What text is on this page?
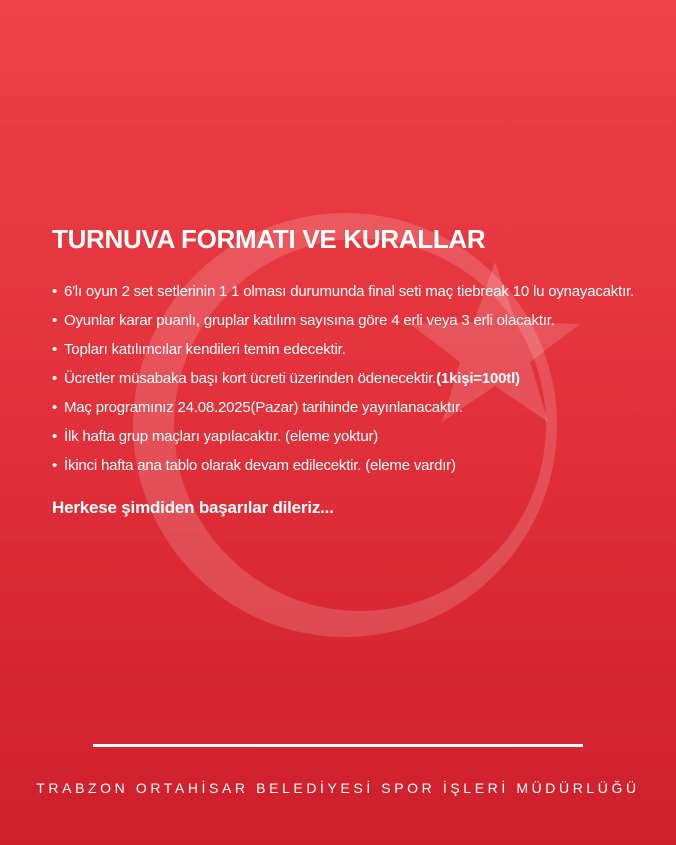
TURNUVA FORMATI VE KURALLAR
• 6'lı oyun 2 set setlerinin 1 1 olması durumunda final seti maç tiebreak 10 lu oynayacaktır.
• Oyunlar karar puanlı, gruplar katılım sayısına göre 4 erli veya 3 erli olacaktır.
• Topları katılımcılar kendileri temin edecektir.
• Ücretler müsabaka başı kort ücreti üzerinden ödenecektir.(1kişi=100tl)
• Maç programınız 24.08.2025(Pazar) tarihinde yayınlanacaktır.
• İlk hafta grup maçları yapılacaktır. (eleme yoktur)
• İkinci hafta ana tablo olarak devam edilecektir. (eleme vardır)
Herkese şimdiden başarılar dileriz...
TRABZON ORTAHİSAR BELEDİYESİ SPOR İŞLERİ MÜDÜRLÜĞÜ
